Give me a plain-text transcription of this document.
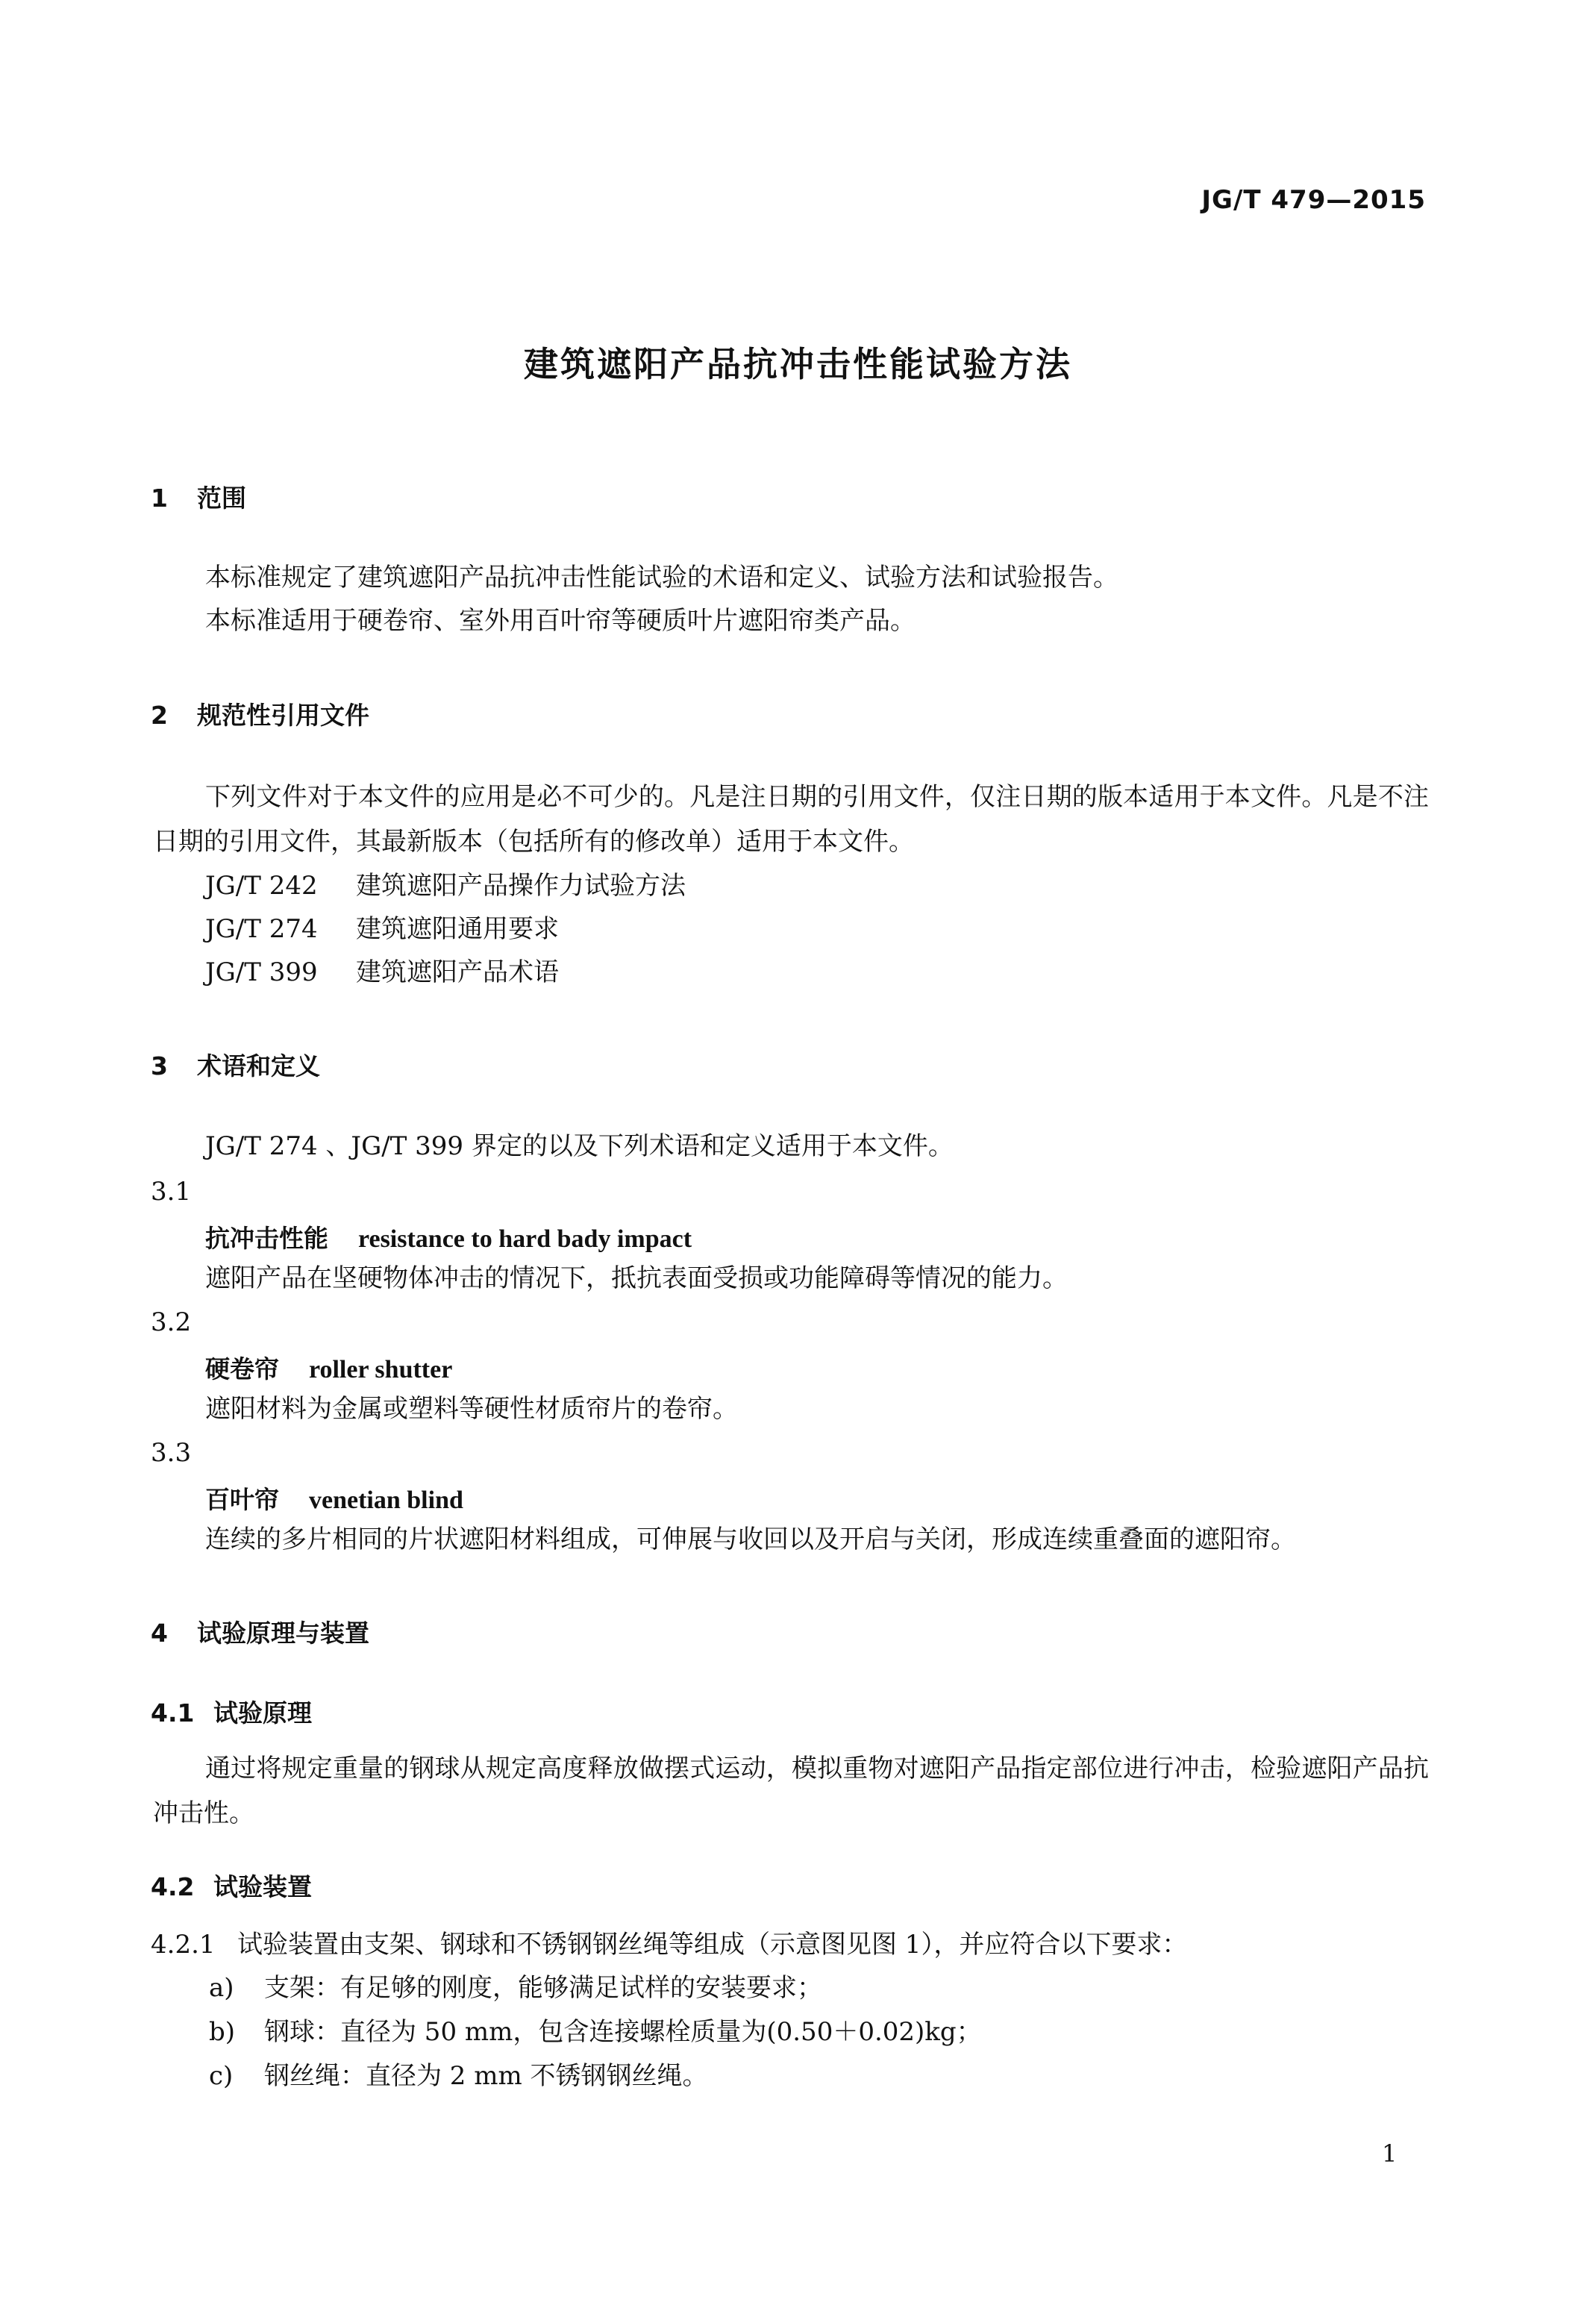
JG/T 479—2015
建筑遮阳产品抗冲击性能试验方法
1 范围
本标准规定了建筑遮阳产品抗冲击性能试验的术语和定义、试验方法和试验报告。
本标准适用于硬卷帘、室外用百叶帘等硬质叶片遮阳帘类产品。
2 规范性引用文件
下列文件对于本文件的应用是必不可少的。凡是注日期的引用文件，仅注日期的版本适用于本文件。凡是不注日期的引用文件，其最新版本（包括所有的修改单）适用于本文件。
JG/T 242 建筑遮阳产品操作力试验方法
JG/T 274 建筑遮阳通用要求
JG/T 399 建筑遮阳产品术语
3 术语和定义
JG/T 274 、JG/T 399 界定的以及下列术语和定义适用于本文件。
3.1
抗冲击性能 resistance to hard bady impact
遮阳产品在坚硬物体冲击的情况下，抵抗表面受损或功能障碍等情况的能力。
3.2
硬卷帘 roller shutter
遮阳材料为金属或塑料等硬性材质帘片的卷帘。
3.3
百叶帘 venetian blind
连续的多片相同的片状遮阳材料组成，可伸展与收回以及开启与关闭，形成连续重叠面的遮阳帘。
4 试验原理与装置
4.1 试验原理
通过将规定重量的钢球从规定高度释放做摆式运动，模拟重物对遮阳产品指定部位进行冲击，检验遮阳产品抗冲击性。
4.2 试验装置
4.2.1 试验装置由支架、钢球和不锈钢钢丝绳等组成（示意图见图 1），并应符合以下要求：
a) 支架：有足够的刚度，能够满足试样的安装要求；
b) 钢球：直径为 50 mm，包含连接螺栓质量为(0.50＋0.02)kg；
c) 钢丝绳：直径为 2 mm 不锈钢钢丝绳。
1
